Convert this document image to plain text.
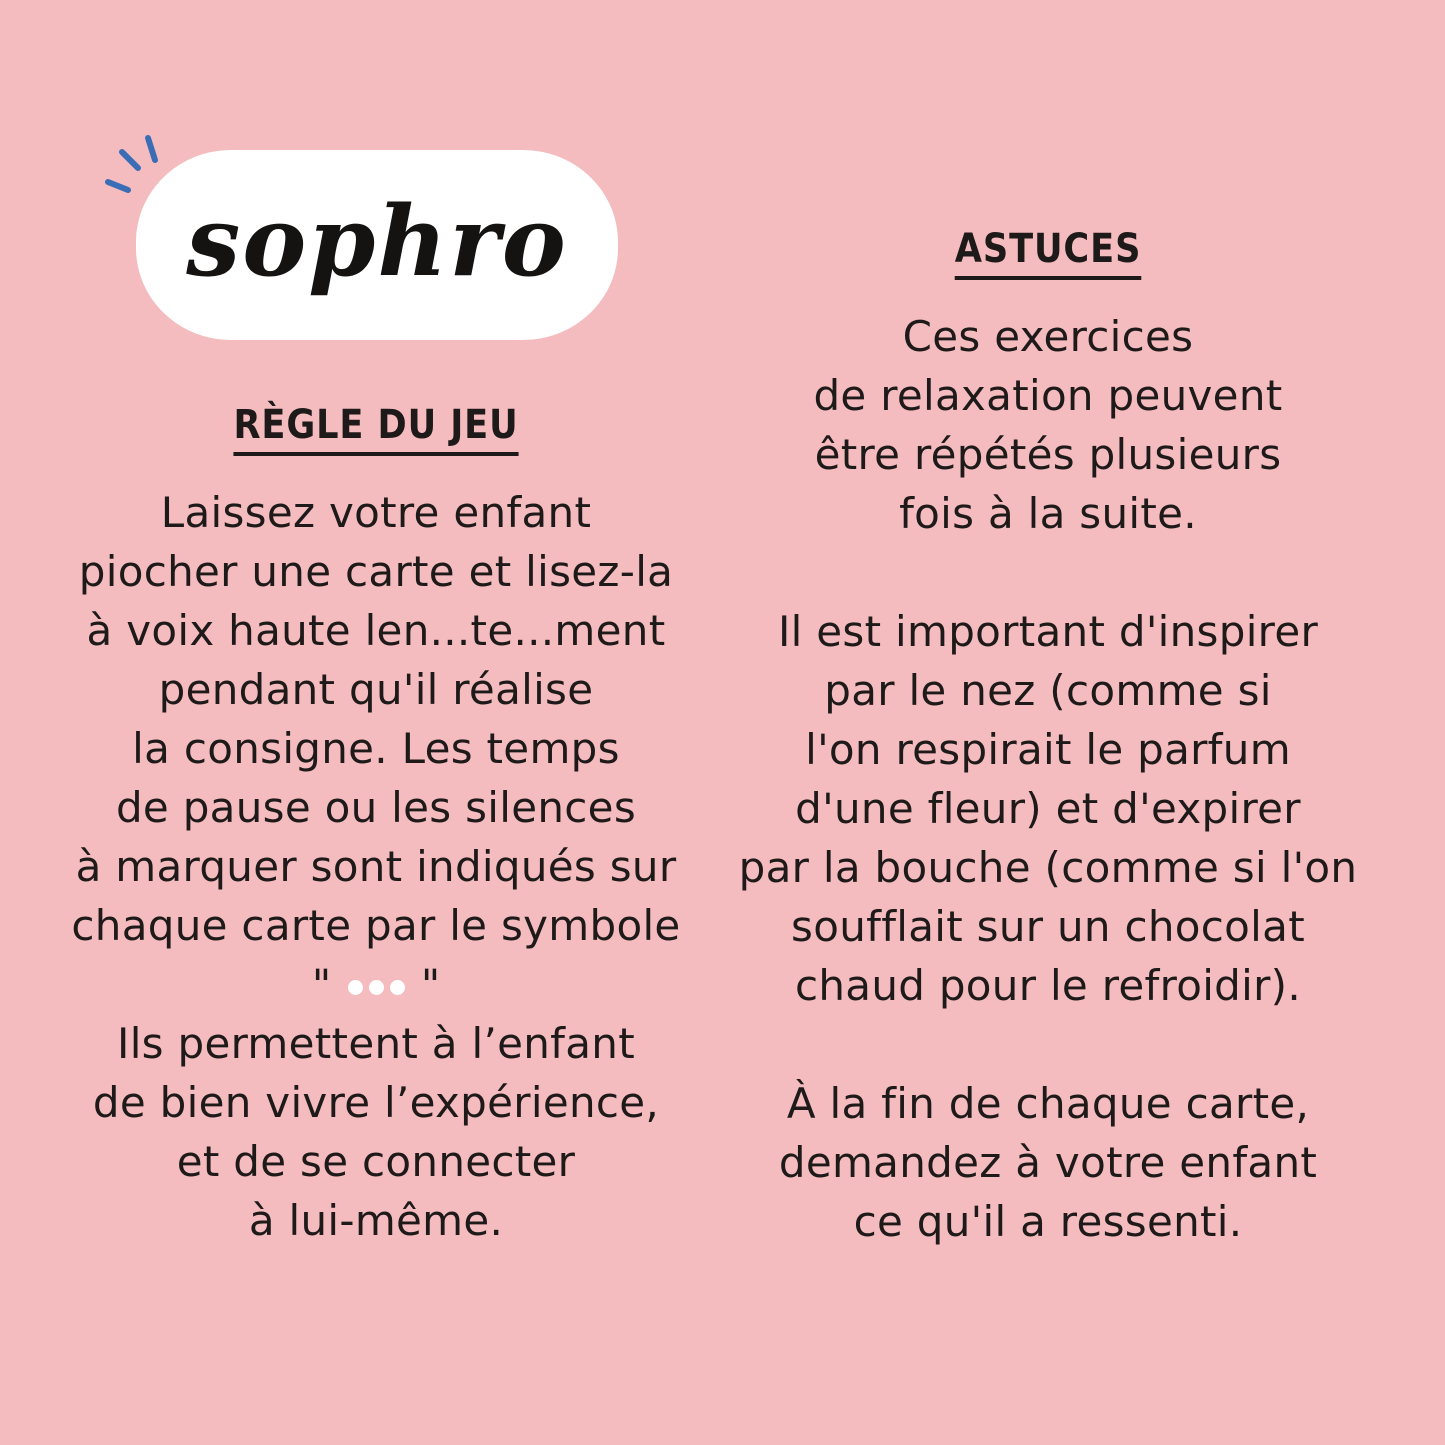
sophro
RÈGLE DU JEU
Laissez votre enfant
piocher une carte et lisez-la
à voix haute len...te...ment
pendant qu'il réalise
la consigne. Les temps
de pause ou les silences
à marquer sont indiqués sur
chaque carte par le symbole
" "
Ils permettent à l’enfant
de bien vivre l’expérience,
et de se connecter
à lui-même.
ASTUCES
Ces exercices
de relaxation peuvent
être répétés plusieurs
fois à la suite.
Il est important d'inspirer
par le nez (comme si
l'on respirait le parfum
d'une fleur) et d'expirer
par la bouche (comme si l'on
soufflait sur un chocolat
chaud pour le refroidir).
À la fin de chaque carte,
demandez à votre enfant
ce qu'il a ressenti.
